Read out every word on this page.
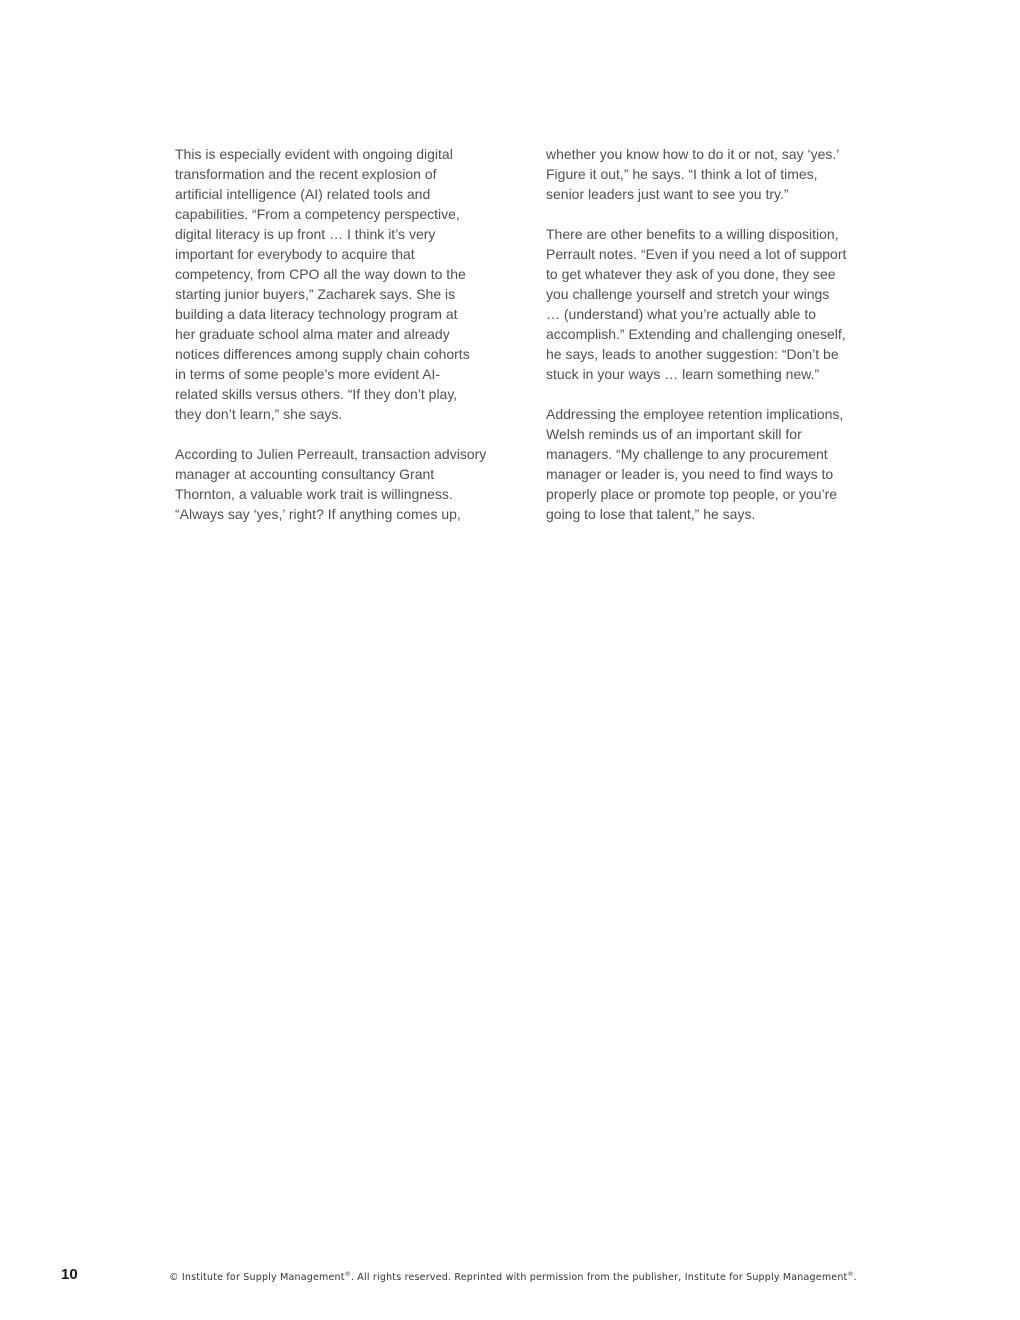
This is especially evident with ongoing digital
transformation and the recent explosion of
artificial intelligence (AI) related tools and
capabilities. “From a competency perspective,
digital literacy is up front … I think it’s very
important for everybody to acquire that
competency, from CPO all the way down to the
starting junior buyers,” Zacharek says. She is
building a data literacy technology program at
her graduate school alma mater and already
notices differences among supply chain cohorts
in terms of some people’s more evident AI-
related skills versus others. “If they don’t play,
they don’t learn,” she says.

According to Julien Perreault, transaction advisory
manager at accounting consultancy Grant
Thornton, a valuable work trait is willingness.
“Always say ‘yes,’ right? If anything comes up,

whether you know how to do it or not, say ‘yes.’
Figure it out,” he says. “I think a lot of times,
senior leaders just want to see you try.”

There are other benefits to a willing disposition,
Perrault notes. “Even if you need a lot of support
to get whatever they ask of you done, they see
you challenge yourself and stretch your wings
… (understand) what you’re actually able to
accomplish.” Extending and challenging oneself,
he says, leads to another suggestion: “Don’t be
stuck in your ways … learn something new.”

Addressing the employee retention implications,
Welsh reminds us of an important skill for
managers. “My challenge to any procurement
manager or leader is, you need to find ways to
properly place or promote top people, or you’re
going to lose that talent,” he says.

10	© Institute for Supply Management®. All rights reserved. Reprinted with permission from the publisher, Institute for Supply Management®.
